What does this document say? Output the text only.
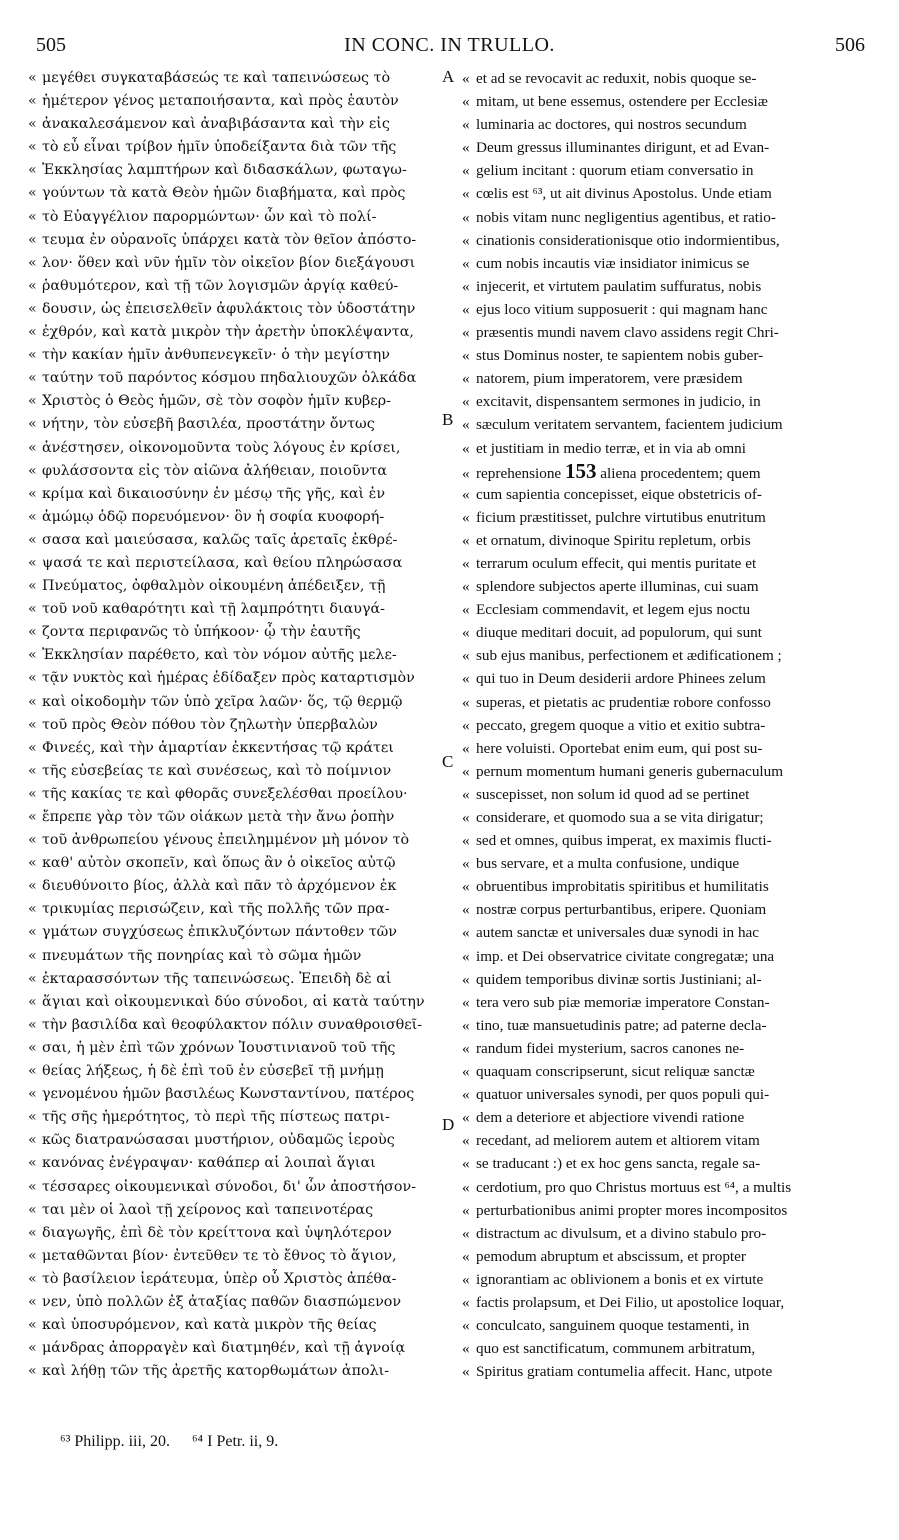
505	IN CONC. IN TRULLO.	506
« μεγέθει συγκαταβάσεώς τε καὶ ταπεινώσεως τὸ
« ἡμέτερον γένος μεταποιήσαντα, καὶ πρὸς ἑαυτὸν
« ἀνακαλεσάμενον καὶ ἀναβιβάσαντα καὶ τὴν εἰς
« τὸ εὖ εἶναι τρίβον ἡμῖν ὑποδείξαντα διὰ τῶν τῆς
« Ἐκκλησίας λαμπτήρων καὶ διδασκάλων, φωταγω-
« γούντων τὰ κατὰ Θεὸν ἡμῶν διαβήματα, καὶ πρὸς
« τὸ Εὐαγγέλιον παρορμώντων· ὧν καὶ τὸ πολί-
« τευμα ἐν οὐρανοῖς ὑπάρχει κατὰ τὸν θεῖον ἀπόστο-
« λον· ὅθεν καὶ νῦν ἡμῖν τὸν οἰκεῖον βίον διεξάγουσι
« ῥαθυμότερον, καὶ τῇ τῶν λογισμῶν ἀργίᾳ καθεύ-
« δουσιν, ὡς ἐπεισελθεῖν ἀφυλάκτοις τὸν ὑδοστάτην
« ἐχθρόν, καὶ κατὰ μικρὸν τὴν ἀρετὴν ὑποκλέψαντα,
« τὴν κακίαν ἡμῖν ἀνθυπενεγκεῖν· ὁ τὴν μεγίστην
« ταύτην τοῦ παρόντος κόσμου πηδαλιουχῶν ὁλκάδα
« Χριστὸς ὁ Θεὸς ἡμῶν, σὲ τὸν σοφὸν ἡμῖν κυβερ-
« νήτην, τὸν εὐσεβῆ βασιλέα, προστάτην ὄντως
« ἀνέστησεν, οἰκονομοῦντα τοὺς λόγους ἐν κρίσει,
« φυλάσσοντα εἰς τὸν αἰῶνα ἀλήθειαν, ποιοῦντα
« κρίμα καὶ δικαιοσύνην ἐν μέσῳ τῆς γῆς, καὶ ἐν
« ἀμώμῳ ὁδῷ πορευόμενον· ὃν ἡ σοφία κυοφορή-
« σασα καὶ μαιεύσασα, καλῶς ταῖς ἀρεταῖς ἐκθρέ-
« ψασά τε καὶ περιστείλασα, καὶ θείου πληρώσασα
« Πνεύματος, ὀφθαλμὸν οἰκουμένη ἀπέδειξεν, τῇ
« τοῦ νοῦ καθαρότητι καὶ τῇ λαμπρότητι διαυγά-
« ζοντα περιφανῶς τὸ ὑπήκοον· ᾧ τὴν ἑαυτῆς
« Ἐκκλησίαν παρέθετο, καὶ τὸν νόμον αὐτῆς μελε-
« τᾷν νυκτὸς καὶ ἡμέρας ἐδίδαξεν πρὸς καταρτισμὸν
« καὶ οἰκοδομὴν τῶν ὑπὸ χεῖρα λαῶν· ὅς, τῷ θερμῷ
« τοῦ πρὸς Θεὸν πόθου τὸν ζηλωτὴν ὑπερβαλὼν
« Φινεές, καὶ τὴν ἁμαρτίαν ἐκκεντήσας τῷ κράτει
« τῆς εὐσεβείας τε καὶ συνέσεως, καὶ τὸ ποίμνιον
« τῆς κακίας τε καὶ φθορᾶς συνεξελέσθαι προείλου·
« ἔπρεπε γὰρ τὸν τῶν οἰάκων μετὰ τὴν ἄνω ῥοπὴν
« τοῦ ἀνθρωπείου γένους ἐπειλημμένον μὴ μόνον τὸ
« καθ' αὐτὸν σκοπεῖν, καὶ ὅπως ἂν ὁ οἰκεῖος αὐτῷ
« διευθύνοιτο βίος, ἀλλὰ καὶ πᾶν τὸ ἀρχόμενον ἐκ
« τρικυμίας περισώζειν, καὶ τῆς πολλῆς τῶν πρα-
« γμάτων συγχύσεως ἐπικλυζόντων πάντοθεν τῶν
« πνευμάτων τῆς πονηρίας καὶ τὸ σῶμα ἡμῶν
« ἐκταρασσόντων τῆς ταπεινώσεως. Ἐπειδὴ δὲ αἱ
« ἅγιαι καὶ οἰκουμενικαὶ δύο σύνοδοι, αἱ κατὰ ταύτην
« τὴν βασιλίδα καὶ θεοφύλακτον πόλιν συναθροισθεῖ-
« σαι, ἡ μὲν ἐπὶ τῶν χρόνων Ἰουστινιανοῦ τοῦ τῆς
« θείας λήξεως, ἡ δὲ ἐπὶ τοῦ ἐν εὐσεβεῖ τῇ μνήμῃ
« γενομένου ἡμῶν βασιλέως Κωνσταντίνου, πατέρος
« τῆς σῆς ἡμερότητος, τὸ περὶ τῆς πίστεως πατρι-
« κῶς διατρανώσασαι μυστήριον, οὐδαμῶς ἱεροὺς
« κανόνας ἐνέγραψαν· καθάπερ αἱ λοιπαὶ ἅγιαι
« τέσσαρες οἰκουμενικαὶ σύνοδοι, δι' ὧν ἀποστήσον-
« ται μὲν οἱ λαοὶ τῇ χείρονος καὶ ταπεινοτέρας
« διαγωγῆς, ἐπὶ δὲ τὸν κρείττονα καὶ ὑψηλότερον
« μεταθῶνται βίον· ἐντεῦθεν τε τὸ ἔθνος τὸ ἅγιον,
« τὸ βασίλειον ἱεράτευμα, ὑπὲρ οὗ Χριστὸς ἀπέθα-
« νεν, ὑπὸ πολλῶν ἐξ ἀταξίας παθῶν διασπώμενον
« καὶ ὑποσυρόμενον, καὶ κατὰ μικρὸν τῆς θείας
« μάνδρας ἀπορραγὲν καὶ διατμηθέν, καὶ τῇ ἀγνοίᾳ
« καὶ λήθῃ τῶν τῆς ἀρετῆς κατορθωμάτων ἀπολι-
« et ad se revocavit ac reduxit, nobis quoque se-
« mitam, ut bene essemus, ostendere per Ecclesiæ
« luminaria ac doctores, qui nostros secundum
« Deum gressus illuminantes dirigunt, et ad Evan-
« gelium incitant : quorum etiam conversatio in
« cœlis est ⁶³, ut ait divinus Apostolus. Unde etiam
« nobis vitam nunc negligentius agentibus, et ratio-
« cinationis considerationisque otio indormientibus,
« cum nobis incautis viæ insidiator inimicus se
« injecerit, et virtutem paulatim suffuratus, nobis
« ejus loco vitium supposuerit : qui magnam hanc
« præsentis mundi navem clavo assidens regit Chri-
« stus Dominus noster, te sapientem nobis guber-
« natorem, pium imperatorem, vere præsidem
« excitavit, dispensantem sermones in judicio, in
« sæculum veritatem servantem, facientem judicium
« et justitiam in medio terræ, et in via ab omni
« reprehensione 153 aliena procedentem; quem
« cum sapientia concepisset, eique obstetricis of-
« ficium præstitisset, pulchre virtutibus enutritum
« et ornatum, divinoque Spiritu repletum, orbis
« terrarum oculum effecit, qui mentis puritate et
« splendore subjectos aperte illuminas, cui suam
« Ecclesiam commendavit, et legem ejus noctu
« diuque meditari docuit, ad populorum, qui sunt
« sub ejus manibus, perfectionem et ædificationem ;
« qui tuo in Deum desiderii ardore Phinees zelum
« superas, et pietatis ac prudentiæ robore confosso
« peccato, gregem quoque a vitio et exitio subtra-
« here voluisti. Oportebat enim eum, qui post su-
« pernum momentum humani generis gubernaculum
« suscepisset, non solum id quod ad se pertinet
« considerare, et quomodo sua a se vita dirigatur;
« sed et omnes, quibus imperat, ex maximis flucti-
« bus servare, et a multa confusione, undique
« obruentibus improbitatis spiritibus et humilitatis
« nostræ corpus perturbantibus, eripere. Quoniam
« autem sanctæ et universales duæ synodi in hac
« imp. et Dei observatrice civitate congregatæ; una
« quidem temporibus divinæ sortis Justiniani; al-
« tera vero sub piæ memoriæ imperatore Constan-
« tino, tuæ mansuetudinis patre; ad paterne decla-
« randum fidei mysterium, sacros canones ne-
« quaquam conscripserunt, sicut reliquæ sanctæ
« quatuor universales synodi, per quos populi qui-
« dem a deteriore et abjectiore vivendi ratione
« recedant, ad meliorem autem et altiorem vitam
« se traducant :) et ex hoc gens sancta, regale sa-
« cerdotium, pro quo Christus mortuus est ⁶⁴, a multis
« perturbationibus animi propter mores incompositos
« distractum ac divulsum, et a divino stabulo pro-
« pemodum abruptum et abscissum, et propter
« ignorantiam ac oblivionem a bonis et ex virtute
« factis prolapsum, et Dei Filio, ut apostolice loquar,
« conculcato, sanguinem quoque testamenti, in
« quo est sanctificatum, communem arbitratum,
« Spiritus gratiam contumelia affecit. Hanc, utpote
A
B
C
D
⁶³ Philipp. iii, 20. ⁶⁴ I Petr. ii, 9.
